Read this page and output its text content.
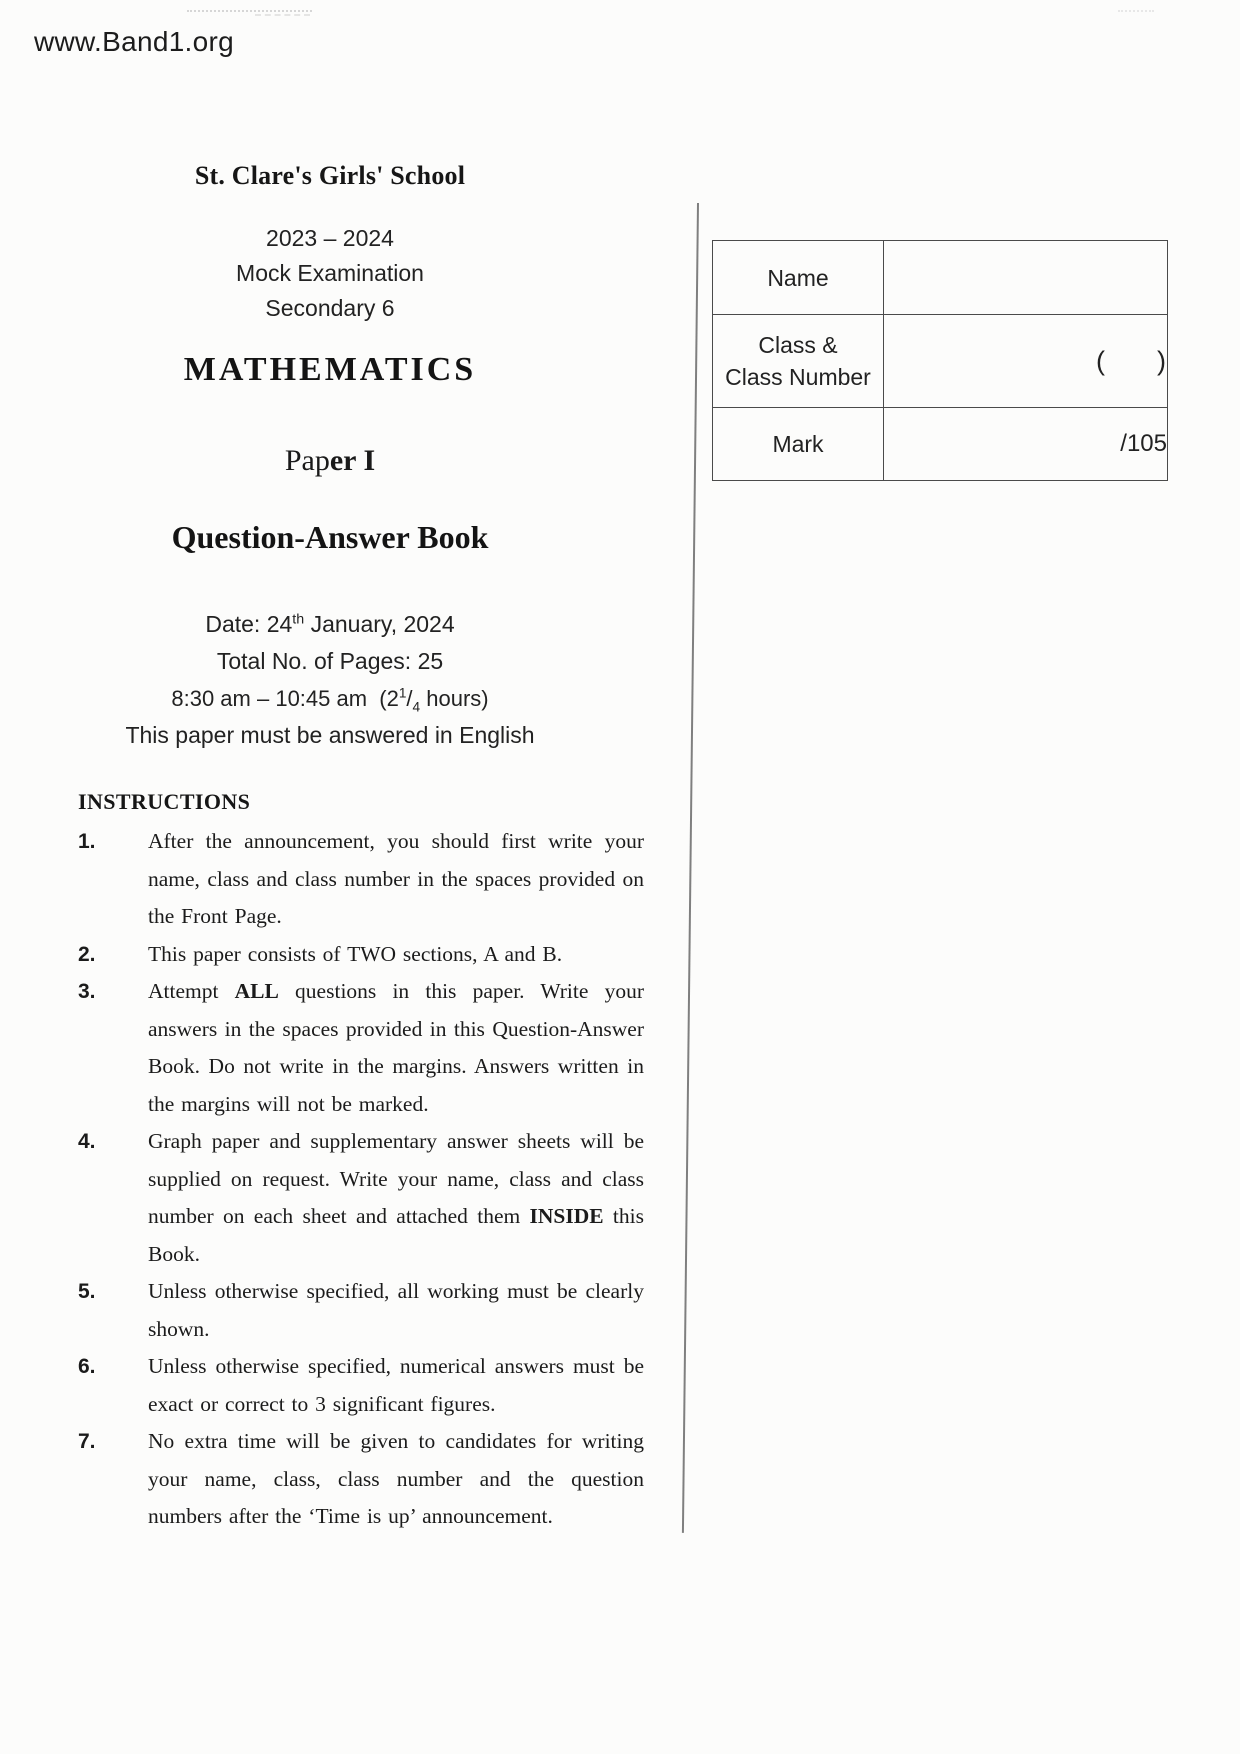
www.Band1.org
St. Clare's Girls' School
2023 – 2024
Mock Examination
Secondary 6
MATHEMATICS
Paper I
Question-Answer Book
Date: 24th January, 2024
Total No. of Pages: 25
8:30 am – 10:45 am  ($2^1/_4$ hours)
This paper must be answered in English
Name	

Class &
Class Number	(      )
Mark	/105
INSTRUCTIONS
1.	After the announcement, you should first write your name, class and class number in the spaces provided on the Front Page.
2.	This paper consists of TWO sections, A and B.
3.	Attempt ALL questions in this paper. Write your answers in the spaces provided in this Question-Answer Book. Do not write in the margins. Answers written in the margins will not be marked.
4.	Graph paper and supplementary answer sheets will be supplied on request. Write your name, class and class number on each sheet and attached them INSIDE this Book.
5.	Unless otherwise specified, all working must be clearly shown.
6.	Unless otherwise specified, numerical answers must be exact or correct to 3 significant figures.
7.	No extra time will be given to candidates for writing your name, class, class number and the question numbers after the ‘Time is up’ announcement.
